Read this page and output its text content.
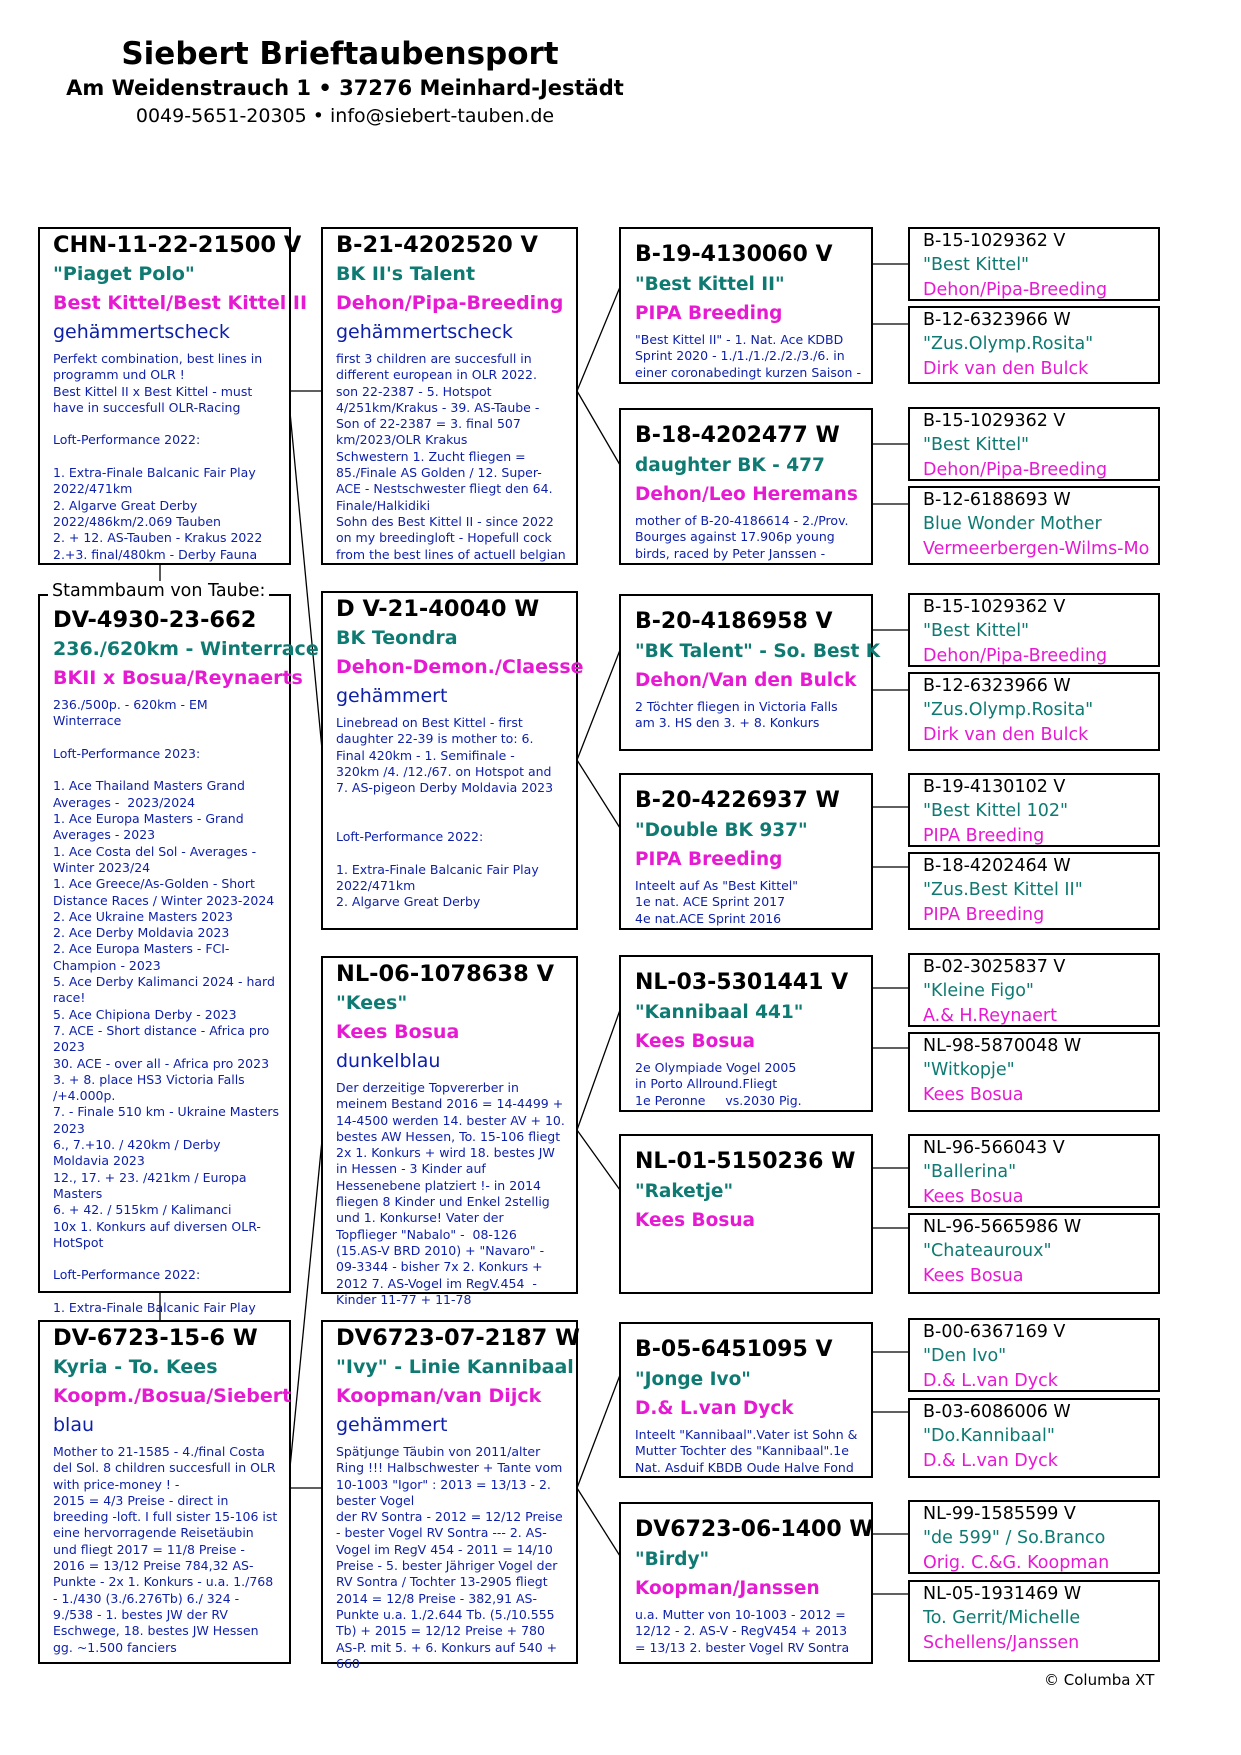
Siebert Brieftaubensport
Am Weidenstrauch 1 • 37276 Meinhard-Jestädt
0049-5651-20305 • info@siebert-tauben.de
CHN-11-22-21500 V
"Piaget Polo"
Best Kittel/Best Kittel II
gehämmertscheck
Perfekt combination, best lines in programm und OLR !
Best Kittel II x Best Kittel - must have in succesfull OLR-Racing

Loft-Performance 2022:

1. Extra-Finale Balcanic Fair Play 2022/471km
2. Algarve Great Derby 2022/486km/2.069 Tauben
2. + 12. AS-Tauben - Krakus 2022
2.+3. final/480km - Derby Fauna
DV-4930-23-662
236./620km - Winterrace
BKII x Bosua/Reynaerts
236./500p. - 620km - EM Winterrace

Loft-Performance 2023:

1. Ace Thailand Masters Grand Averages -  2023/2024
1. Ace Europa Masters - Grand Averages - 2023
1. Ace Costa del Sol - Averages - Winter 2023/24
1. Ace Greece/As-Golden - Short Distance Races / Winter 2023-2024
2. Ace Ukraine Masters 2023
2. Ace Derby Moldavia 2023
2. Ace Europa Masters - FCI-Champion - 2023
5. Ace Derby Kalimanci 2024 - hard race!
5. Ace Chipiona Derby - 2023
7. ACE - Short distance - Africa pro 2023
30. ACE - over all - Africa pro 2023
3. + 8. place HS3 Victoria Falls /+4.000p.
7. - Finale 510 km - Ukraine Masters 2023
6., 7.+10. / 420km / Derby Moldavia 2023
12., 17. + 23. /421km / Europa Masters
6. + 42. / 515km / Kalimanci
10x 1. Konkurs auf diversen OLR-HotSpot

Loft-Performance 2022:

1. Extra-Finale Balcanic Fair Play
Stammbaum von Taube:
DV-6723-15-6 W
Kyria - To. Kees
Koopm./Bosua/Siebert
blau
Mother to 21-1585 - 4./final Costa del Sol. 8 children succesfull in OLR with price-money ! -
2015 = 4/3 Preise - direct in breeding -loft. I full sister 15-106 ist eine hervorragende Reisetäubin und fliegt 2017 = 11/8 Preise - 2016 = 13/12 Preise 784,32 AS-Punkte - 2x 1. Konkurs - u.a. 1./768 - 1./430 (3./6.276Tb) 6./ 324 - 9./538 - 1. bestes JW der RV Eschwege, 18. bestes JW Hessen gg. ~1.500 fanciers
B-21-4202520 V
BK II's Talent
Dehon/Pipa-Breeding
gehämmertscheck
first 3 children are succesfull in different european in OLR 2022.
son 22-2387 - 5. Hotspot 4/251km/Krakus - 39. AS-Taube -
Son of 22-2387 = 3. final 507 km/2023/OLR Krakus
Schwestern 1. Zucht fliegen = 85./Finale AS Golden / 12. Super-ACE - Nestschwester fliegt den 64. Finale/Halkidiki
Sohn des Best Kittel II - since 2022 on my breedingloft - Hopefull cock from the best lines of actuell belgian
D V-21-40040 W
BK Teondra
Dehon-Demon./Claesse
gehämmert
Linebread on Best Kittel - first daughter 22-39 is mother to: 6. Final 420km - 1. Semifinale -
320km /4. /12./67. on Hotspot and  7. AS-pigeon Derby Moldavia 2023

Loft-Performance 2022:

1. Extra-Finale Balcanic Fair Play 2022/471km
2. Algarve Great Derby
NL-06-1078638 V
"Kees"
Kees Bosua
dunkelblau
Der derzeitige Topvererber in meinem Bestand 2016 = 14-4499 + 14-4500 werden 14. bester AV + 10. bestes AW Hessen, To. 15-106 fliegt 2x 1. Konkurs + wird 18. bestes JW in Hessen - 3 Kinder auf Hessenebene platziert !- in 2014 fliegen 8 Kinder und Enkel 2stellig und 1. Konkurse! Vater der Topflieger "Nabalo" -  08-126 (15.AS-V BRD 2010) + "Navaro" - 09-3344 - bisher 7x 2. Konkurs + 2012 7. AS-Vogel im RegV.454  - Kinder 11-77 + 11-78
DV6723-07-2187 W
"Ivy" - Linie Kannibaal
Koopman/van Dijck
gehämmert
Spätjunge Täubin von 2011/alter Ring !!! Halbschwester + Tante vom 10-1003 "Igor" : 2013 = 13/13 - 2. bester Vogel
der RV Sontra - 2012 = 12/12 Preise - bester Vogel RV Sontra --- 2. AS-Vogel im RegV 454 - 2011 = 14/10 Preise - 5. bester Jähriger Vogel der RV Sontra / Tochter 13-2905 fliegt 2014 = 12/8 Preise - 382,91 AS-Punkte u.a. 1./2.644 Tb. (5./10.555 Tb) + 2015 = 12/12 Preise + 780 AS-P. mit 5. + 6. Konkurs auf 540 + 660
B-19-4130060 V
"Best Kittel II"
PIPA Breeding
"Best Kittel II" - 1. Nat. Ace KDBD Sprint 2020 - 1./1./1./2./2./3./6. in einer coronabedingt kurzen Saison -
B-18-4202477 W
daughter BK - 477
Dehon/Leo Heremans
mother of B-20-4186614 - 2./Prov. Bourges against 17.906p young birds, raced by Peter Janssen -
B-20-4186958 V
"BK Talent" - So. Best K
Dehon/Van den Bulck
2 Töchter fliegen in Victoria Falls am 3. HS den 3. + 8. Konkurs
B-20-4226937 W
"Double BK 937"
PIPA Breeding
Inteelt auf As "Best Kittel"
1e nat. ACE Sprint 2017
4e nat.ACE Sprint 2016
NL-03-5301441 V
"Kannibaal 441"
Kees Bosua
2e Olympiade Vogel 2005
in Porto Allround.Fliegt
1e Peronne     vs.2030 Pig.
NL-01-5150236 W
"Raketje"
Kees Bosua
B-05-6451095 V
"Jonge Ivo"
D.& L.van Dyck
Inteelt "Kannibaal".Vater ist Sohn & Mutter Tochter des "Kannibaal".1e Nat. Asduif KBDB Oude Halve Fond
DV6723-06-1400 W
"Birdy"
Koopman/Janssen
u.a. Mutter von 10-1003 - 2012 = 12/12 - 2. AS-V - RegV454 + 2013 = 13/13 2. bester Vogel RV Sontra
B-15-1029362 V
"Best Kittel"
Dehon/Pipa-Breeding
B-12-6323966 W
"Zus.Olymp.Rosita"
Dirk van den Bulck
B-15-1029362 V
"Best Kittel"
Dehon/Pipa-Breeding
B-12-6188693 W
Blue Wonder Mother
Vermeerbergen-Wilms-Mo
B-15-1029362 V
"Best Kittel"
Dehon/Pipa-Breeding
B-12-6323966 W
"Zus.Olymp.Rosita"
Dirk van den Bulck
B-19-4130102 V
"Best Kittel 102"
PIPA Breeding
B-18-4202464 W
"Zus.Best Kittel II"
PIPA Breeding
B-02-3025837 V
"Kleine Figo"
A.& H.Reynaert
NL-98-5870048 W
"Witkopje"
Kees Bosua
NL-96-566043 V
"Ballerina"
Kees Bosua
NL-96-5665986 W
"Chateauroux"
Kees Bosua
B-00-6367169 V
"Den Ivo"
D.& L.van Dyck
B-03-6086006 W
"Do.Kannibaal"
D.& L.van Dyck
NL-99-1585599 V
"de 599" / So.Branco
Orig. C.&G. Koopman
NL-05-1931469 W
To. Gerrit/Michelle
Schellens/Janssen
© Columba XT
